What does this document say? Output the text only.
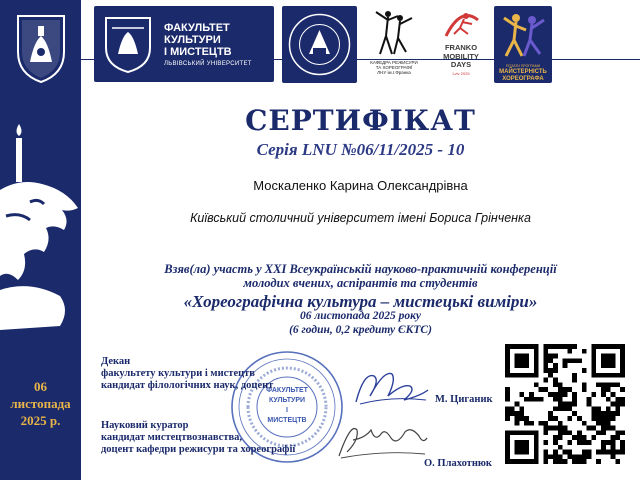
06
листопада
2025 р.
ФАКУЛЬТЕТ
КУЛЬТУРИ
І МИСТЕЦТВ
ЛЬВІВСЬКИЙ УНІВЕРСИТЕТ	КАФЕДРА РЕЖИСУРИ
ТА ХОРЕОГРАФІЇ
ЛНУ ім.І.Франка
FRANKO
MOBILITY
DAYS
Lviv 2025
ПОЗАТИ ПРОГРАМИ
МАЙСТЕРНІСТЬ
ХОРЕОГРАФА
СЕРТИФІКАТ
Серія LNU №06/11/2025 - 10
Москаленко Карина Олександрівна
Київський столичний університет імені Бориса Грінченка
Взяв(ла) участь у XXI Всеукраїнській науково-практичній конференції
молодих вчених, аспірантів та студентів
«Хореографічна культура – мистецькі виміри»
06 листопада 2025 року
(6 годин, 0,2 кредиту ЄКТС)
ФАКУЛЬТЕТ
КУЛЬТУРИ
І
МИСТЕЦТВ
Декан
факультету культури і мистецтв
кандидат філологічних наук, доцент
М. Циганик
Науковий куратор
кандидат мистецтвознавства,
доцент кафедри режисури та хореографії
О. Плахотнюк
